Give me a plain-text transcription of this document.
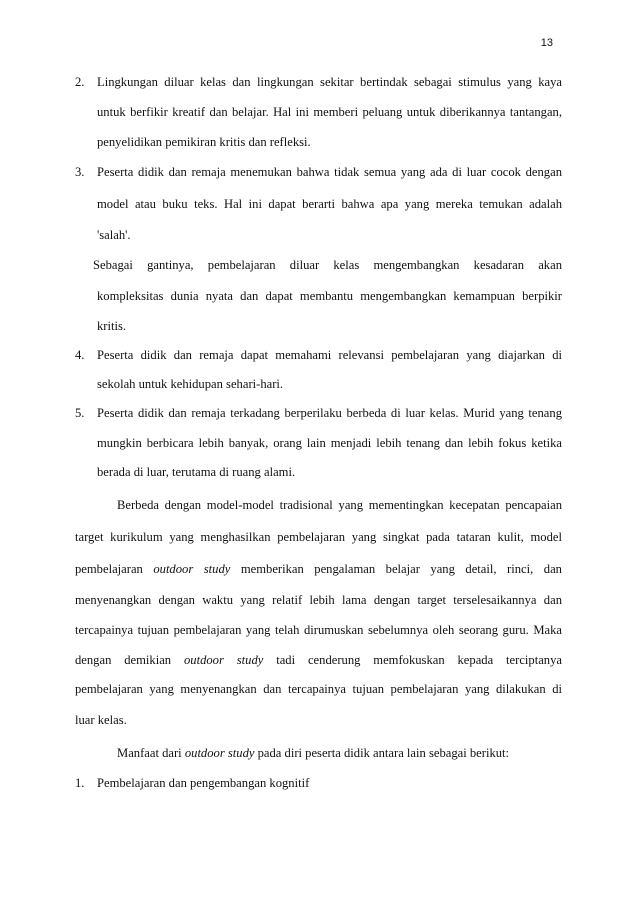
13
2. Lingkungan diluar kelas dan lingkungan sekitar bertindak sebagai stimulus yang kaya
untuk berfikir kreatif dan belajar. Hal ini memberi peluang untuk diberikannya tantangan,
penyelidikan pemikiran kritis dan refleksi.
3. Peserta didik dan remaja menemukan bahwa tidak semua yang ada di luar cocok dengan
model atau buku teks. Hal ini dapat berarti bahwa apa yang mereka temukan adalah
'salah'.
Sebagai gantinya, pembelajaran diluar kelas mengembangkan kesadaran akan
kompleksitas dunia nyata dan dapat membantu mengembangkan kemampuan berpikir
kritis.
4. Peserta didik dan remaja dapat memahami relevansi pembelajaran yang diajarkan di
sekolah untuk kehidupan sehari-hari.
5. Peserta didik dan remaja terkadang berperilaku berbeda di luar kelas. Murid yang tenang
mungkin berbicara lebih banyak, orang lain menjadi lebih tenang dan lebih fokus ketika
berada di luar, terutama di ruang alami.
Berbeda dengan model-model tradisional yang mementingkan kecepatan pencapaian
target kurikulum yang menghasilkan pembelajaran yang singkat pada tataran kulit, model
pembelajaran outdoor study memberikan pengalaman belajar yang detail, rinci, dan
menyenangkan dengan waktu yang relatif lebih lama dengan target terselesaikannya dan
tercapainya tujuan pembelajaran yang telah dirumuskan sebelumnya oleh seorang guru. Maka
dengan demikian outdoor study tadi cenderung memfokuskan kepada terciptanya
pembelajaran yang menyenangkan dan tercapainya tujuan pembelajaran yang dilakukan di
luar kelas.
Manfaat dari outdoor study pada diri peserta didik antara lain sebagai berikut:
1. Pembelajaran dan pengembangan kognitif
